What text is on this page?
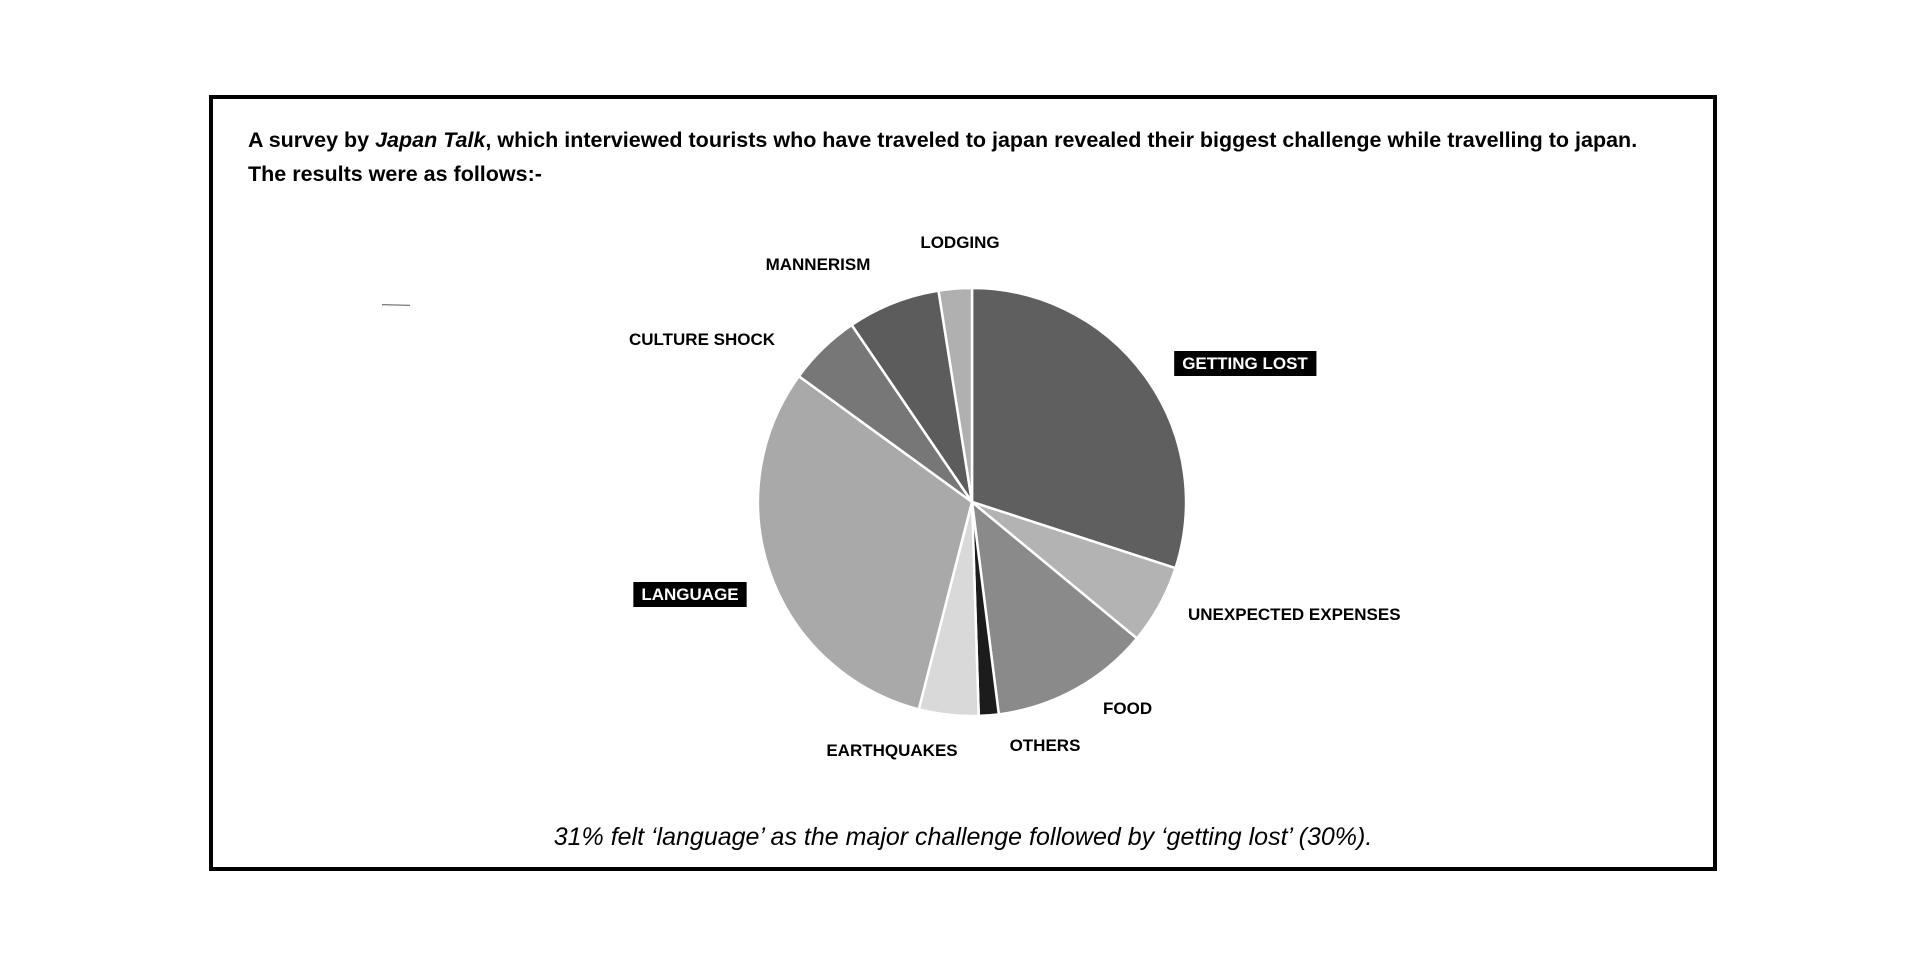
A survey by Japan Talk, which interviewed tourists who have traveled to japan revealed their biggest challenge while travelling to japan.
The results were as follows:-

31% felt ‘language’ as the major challenge followed by ‘getting lost’ (30%).

GETTING LOST
UNEXPECTED EXPENSES
FOOD
OTHERS
EARTHQUAKES
LANGUAGE
CULTURE SHOCK
MANNERISM
LODGING
